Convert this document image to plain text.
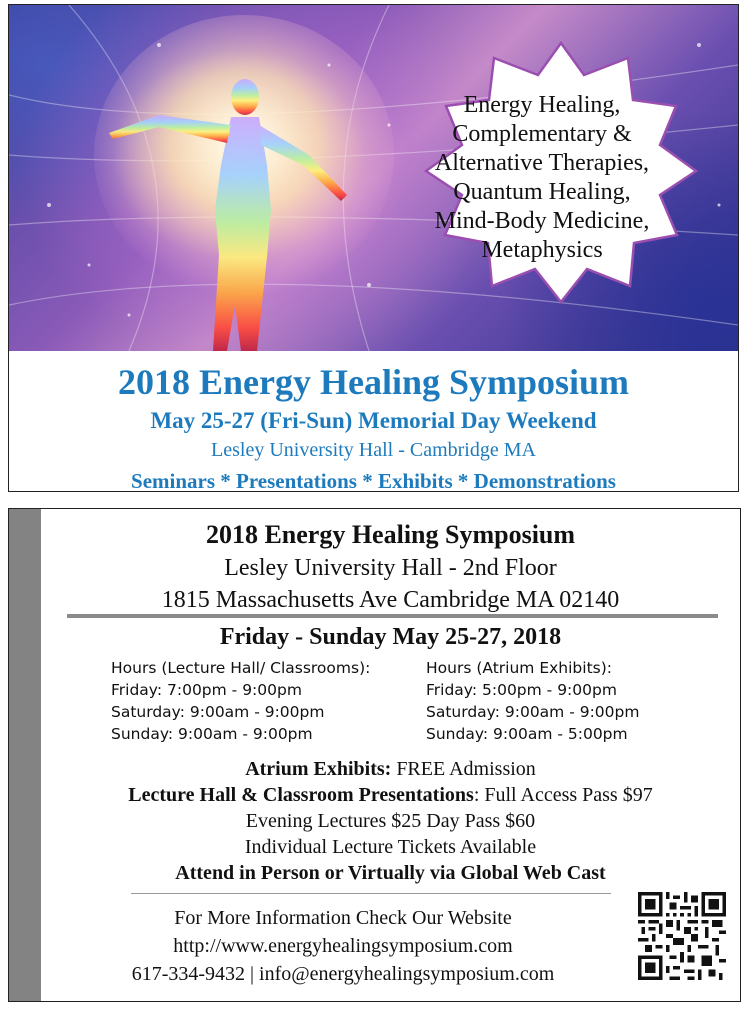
Energy Healing,
Complementary &
Alternative Therapies,
Quantum Healing,
Mind-Body Medicine,
Metaphysics
2018 Energy Healing Symposium
May 25-27 (Fri-Sun) Memorial Day Weekend
Lesley University Hall - Cambridge MA
Seminars * Presentations * Exhibits * Demonstrations
2018 Energy Healing Symposium
Lesley University Hall - 2nd Floor
1815 Massachusetts Ave Cambridge MA 02140
Friday - Sunday May 25-27, 2018
Hours (Lecture Hall/ Classrooms):
Friday: 7:00pm - 9:00pm
Saturday: 9:00am - 9:00pm
Sunday: 9:00am - 9:00pm
Hours (Atrium Exhibits):
Friday: 5:00pm - 9:00pm
Saturday: 9:00am - 9:00pm
Sunday: 9:00am - 5:00pm
Atrium Exhibits: FREE Admission
Lecture Hall & Classroom Presentations: Full Access Pass $97
Evening Lectures $25 Day Pass $60
Individual Lecture Tickets Available
Attend in Person or Virtually via Global Web Cast
For More Information Check Our Website
http://www.energyhealingsymposium.com
617-334-9432 | info@energyhealingsymposium.com
